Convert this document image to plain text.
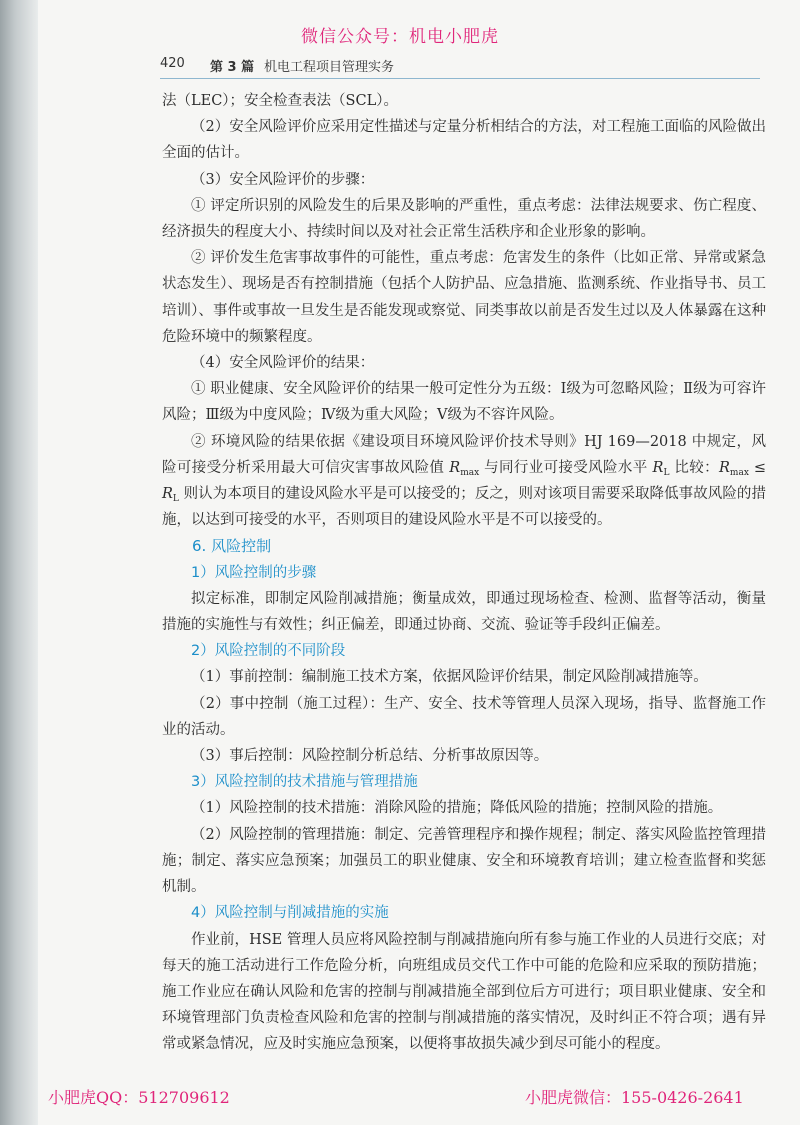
微信公众号：机电小肥虎
420 第 3 篇 机电工程项目管理实务

法（LEC）；安全检查表法（SCL）。

（2）安全风险评价应采用定性描述与定量分析相结合的方法，对工程施工面临的风险做出全面的估计。

（3）安全风险评价的步骤：

① 评定所识别的风险发生的后果及影响的严重性，重点考虑：法律法规要求、伤亡程度、经济损失的程度大小、持续时间以及对社会正常生活秩序和企业形象的影响。

② 评价发生危害事故事件的可能性，重点考虑：危害发生的条件（比如正常、异常或紧急状态发生）、现场是否有控制措施（包括个人防护品、应急措施、监测系统、作业指导书、员工培训）、事件或事故一旦发生是否能发现或察觉、同类事故以前是否发生过以及人体暴露在这种危险环境中的频繁程度。

（4）安全风险评价的结果：

① 职业健康、安全风险评价的结果一般可定性分为五级：Ⅰ级为可忽略风险；Ⅱ级为可容许风险；Ⅲ级为中度风险；Ⅳ级为重大风险；Ⅴ级为不容许风险。

② 环境风险的结果依据《建设项目环境风险评价技术导则》HJ 169—2018 中规定，风险可接受分析采用最大可信灾害事故风险值 $R_{max}$ 与同行业可接受风险水平 $R_L$ 比较：$R_{max} \le R_L$ 则认为本项目的建设风险水平是可以接受的；反之，则对该项目需要采取降低事故风险的措施，以达到可接受的水平，否则项目的建设风险水平是不可以接受的。

6. 风险控制

1）风险控制的步骤

拟定标准，即制定风险削减措施；衡量成效，即通过现场检查、检测、监督等活动，衡量措施的实施性与有效性；纠正偏差，即通过协商、交流、验证等手段纠正偏差。

2）风险控制的不同阶段

（1）事前控制：编制施工技术方案，依据风险评价结果，制定风险削减措施等。

（2）事中控制（施工过程）：生产、安全、技术等管理人员深入现场，指导、监督施工作业的活动。

（3）事后控制：风险控制分析总结、分析事故原因等。

3）风险控制的技术措施与管理措施

（1）风险控制的技术措施：消除风险的措施；降低风险的措施；控制风险的措施。

（2）风险控制的管理措施：制定、完善管理程序和操作规程；制定、落实风险监控管理措施；制定、落实应急预案；加强员工的职业健康、安全和环境教育培训；建立检查监督和奖惩机制。

4）风险控制与削减措施的实施

作业前，HSE 管理人员应将风险控制与削减措施向所有参与施工作业的人员进行交底；对每天的施工活动进行工作危险分析，向班组成员交代工作中可能的危险和应采取的预防措施；施工作业应在确认风险和危害的控制与削减措施全部到位后方可进行；项目职业健康、安全和环境管理部门负责检查风险和危害的控制与削减措施的落实情况，及时纠正不符合项；遇有异常或紧急情况，应及时实施应急预案，以便将事故损失减少到尽可能小的程度。

小肥虎QQ：512709612	小肥虎微信：155-0426-2641
